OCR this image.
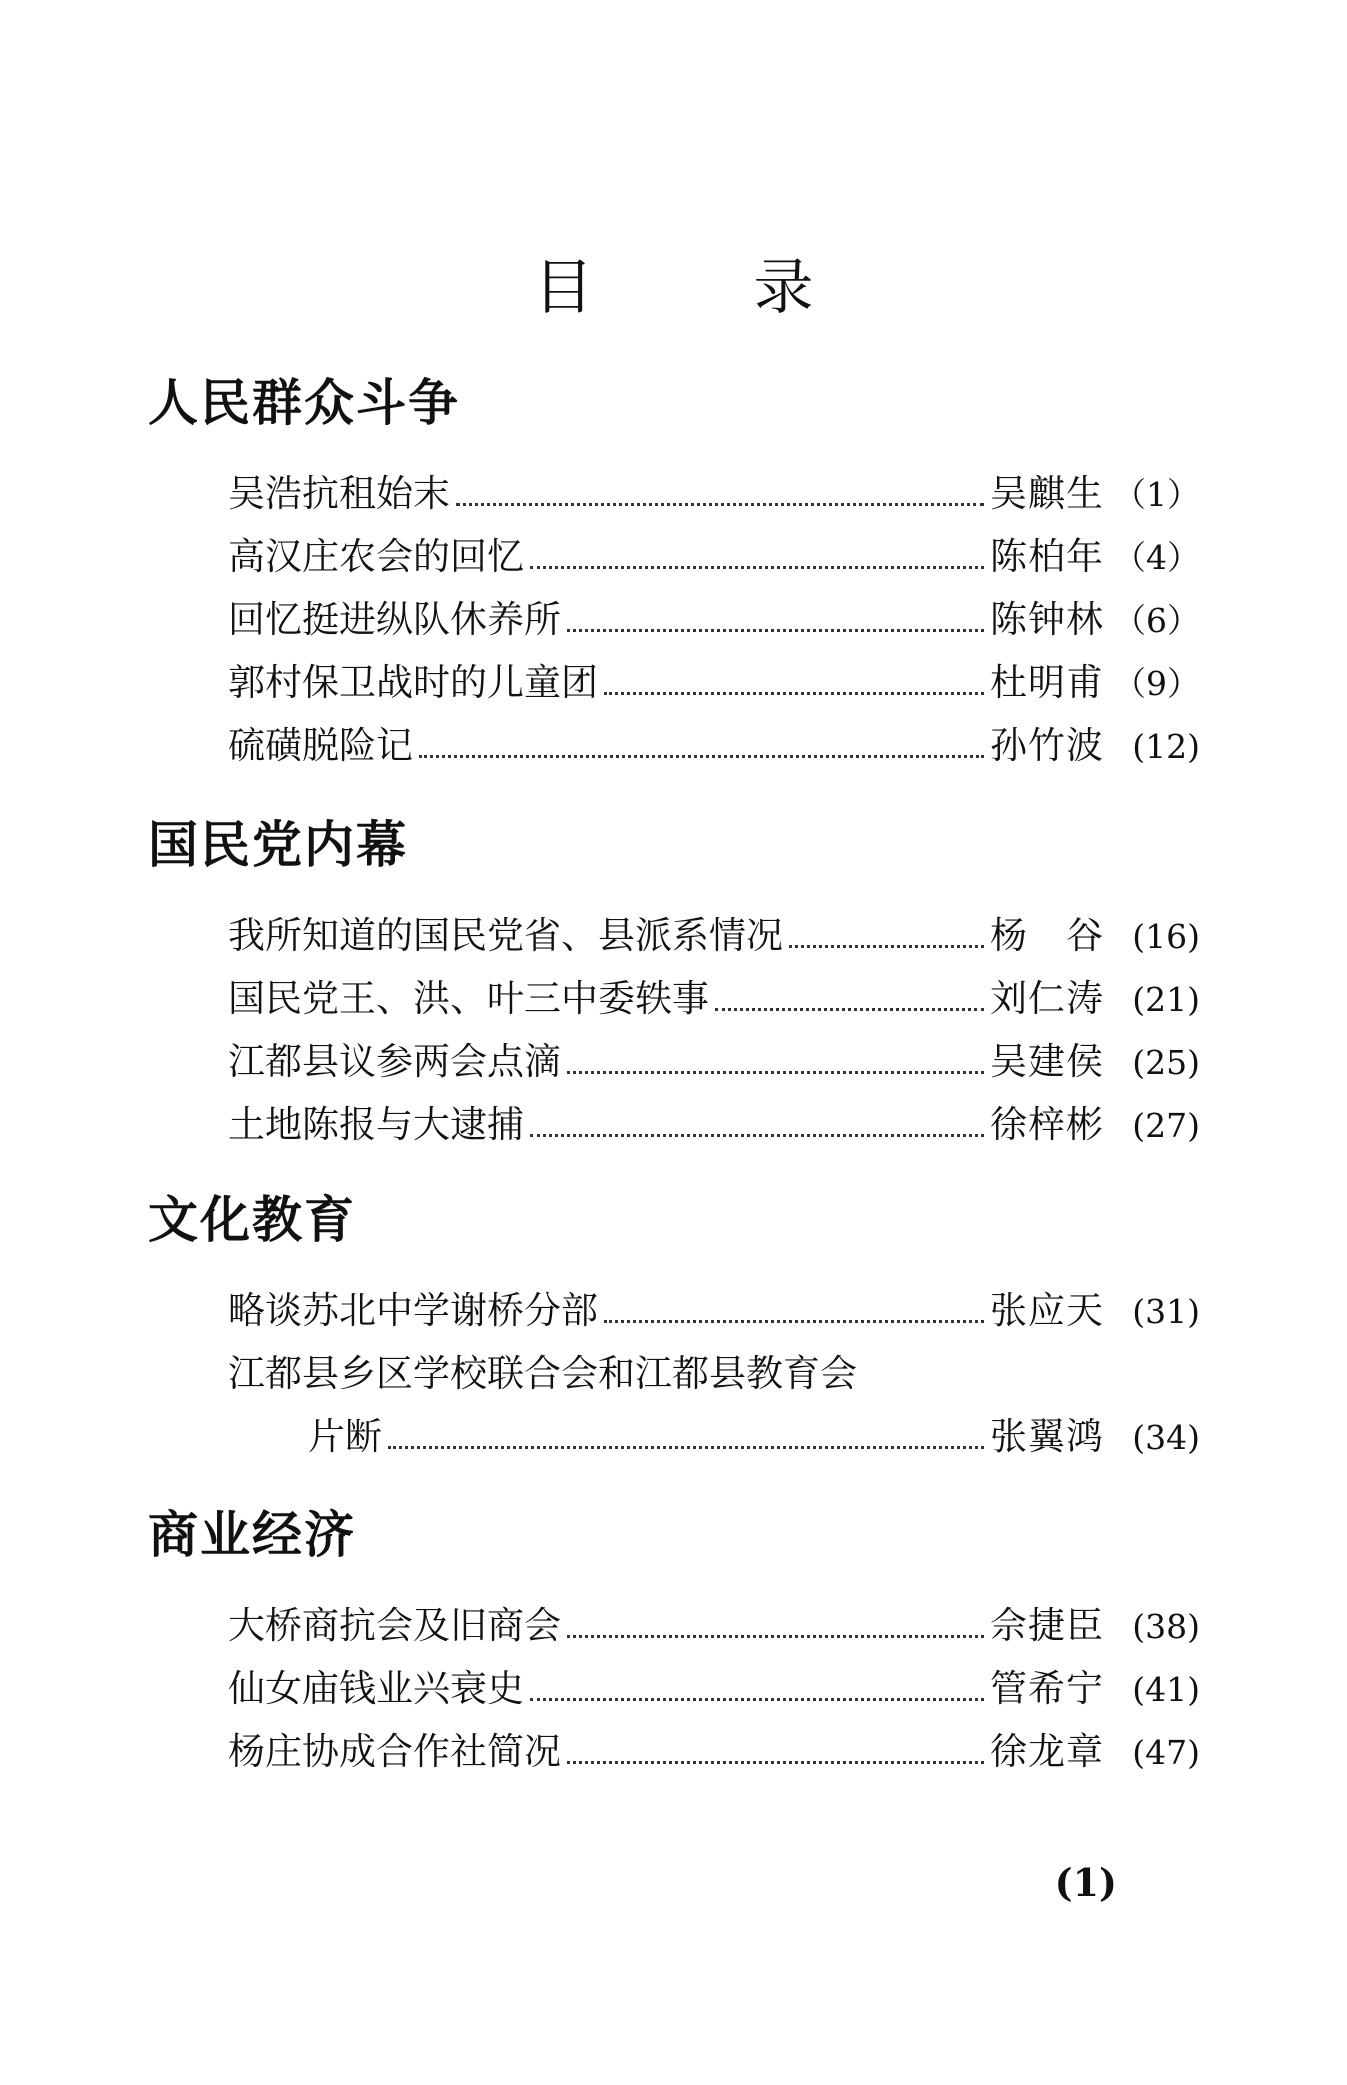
目录
人民群众斗争
吴浩抗租始末	吴麒生 （1）
高汉庄农会的回忆	陈柏年 （4）
回忆挺进纵队休养所	陈钟林 （6）
郭村保卫战时的儿童团	杜明甫 （9）
硫磺脱险记	孙竹波 (12)
国民党内幕
我所知道的国民党省、县派系情况	杨　谷 (16)
国民党王、洪、叶三中委轶事	刘仁涛 (21)
江都县议参两会点滴	吴建侯 (25)
土地陈报与大逮捕	徐梓彬 (27)
文化教育
略谈苏北中学谢桥分部	张应天 (31)
江都县乡区学校联合会和江都县教育会
片断	张翼鸿 (34)
商业经济
大桥商抗会及旧商会	佘捷臣 (38)
仙女庙钱业兴衰史	管希宁 (41)
杨庄协成合作社简况	徐龙章 (47)
(1)
